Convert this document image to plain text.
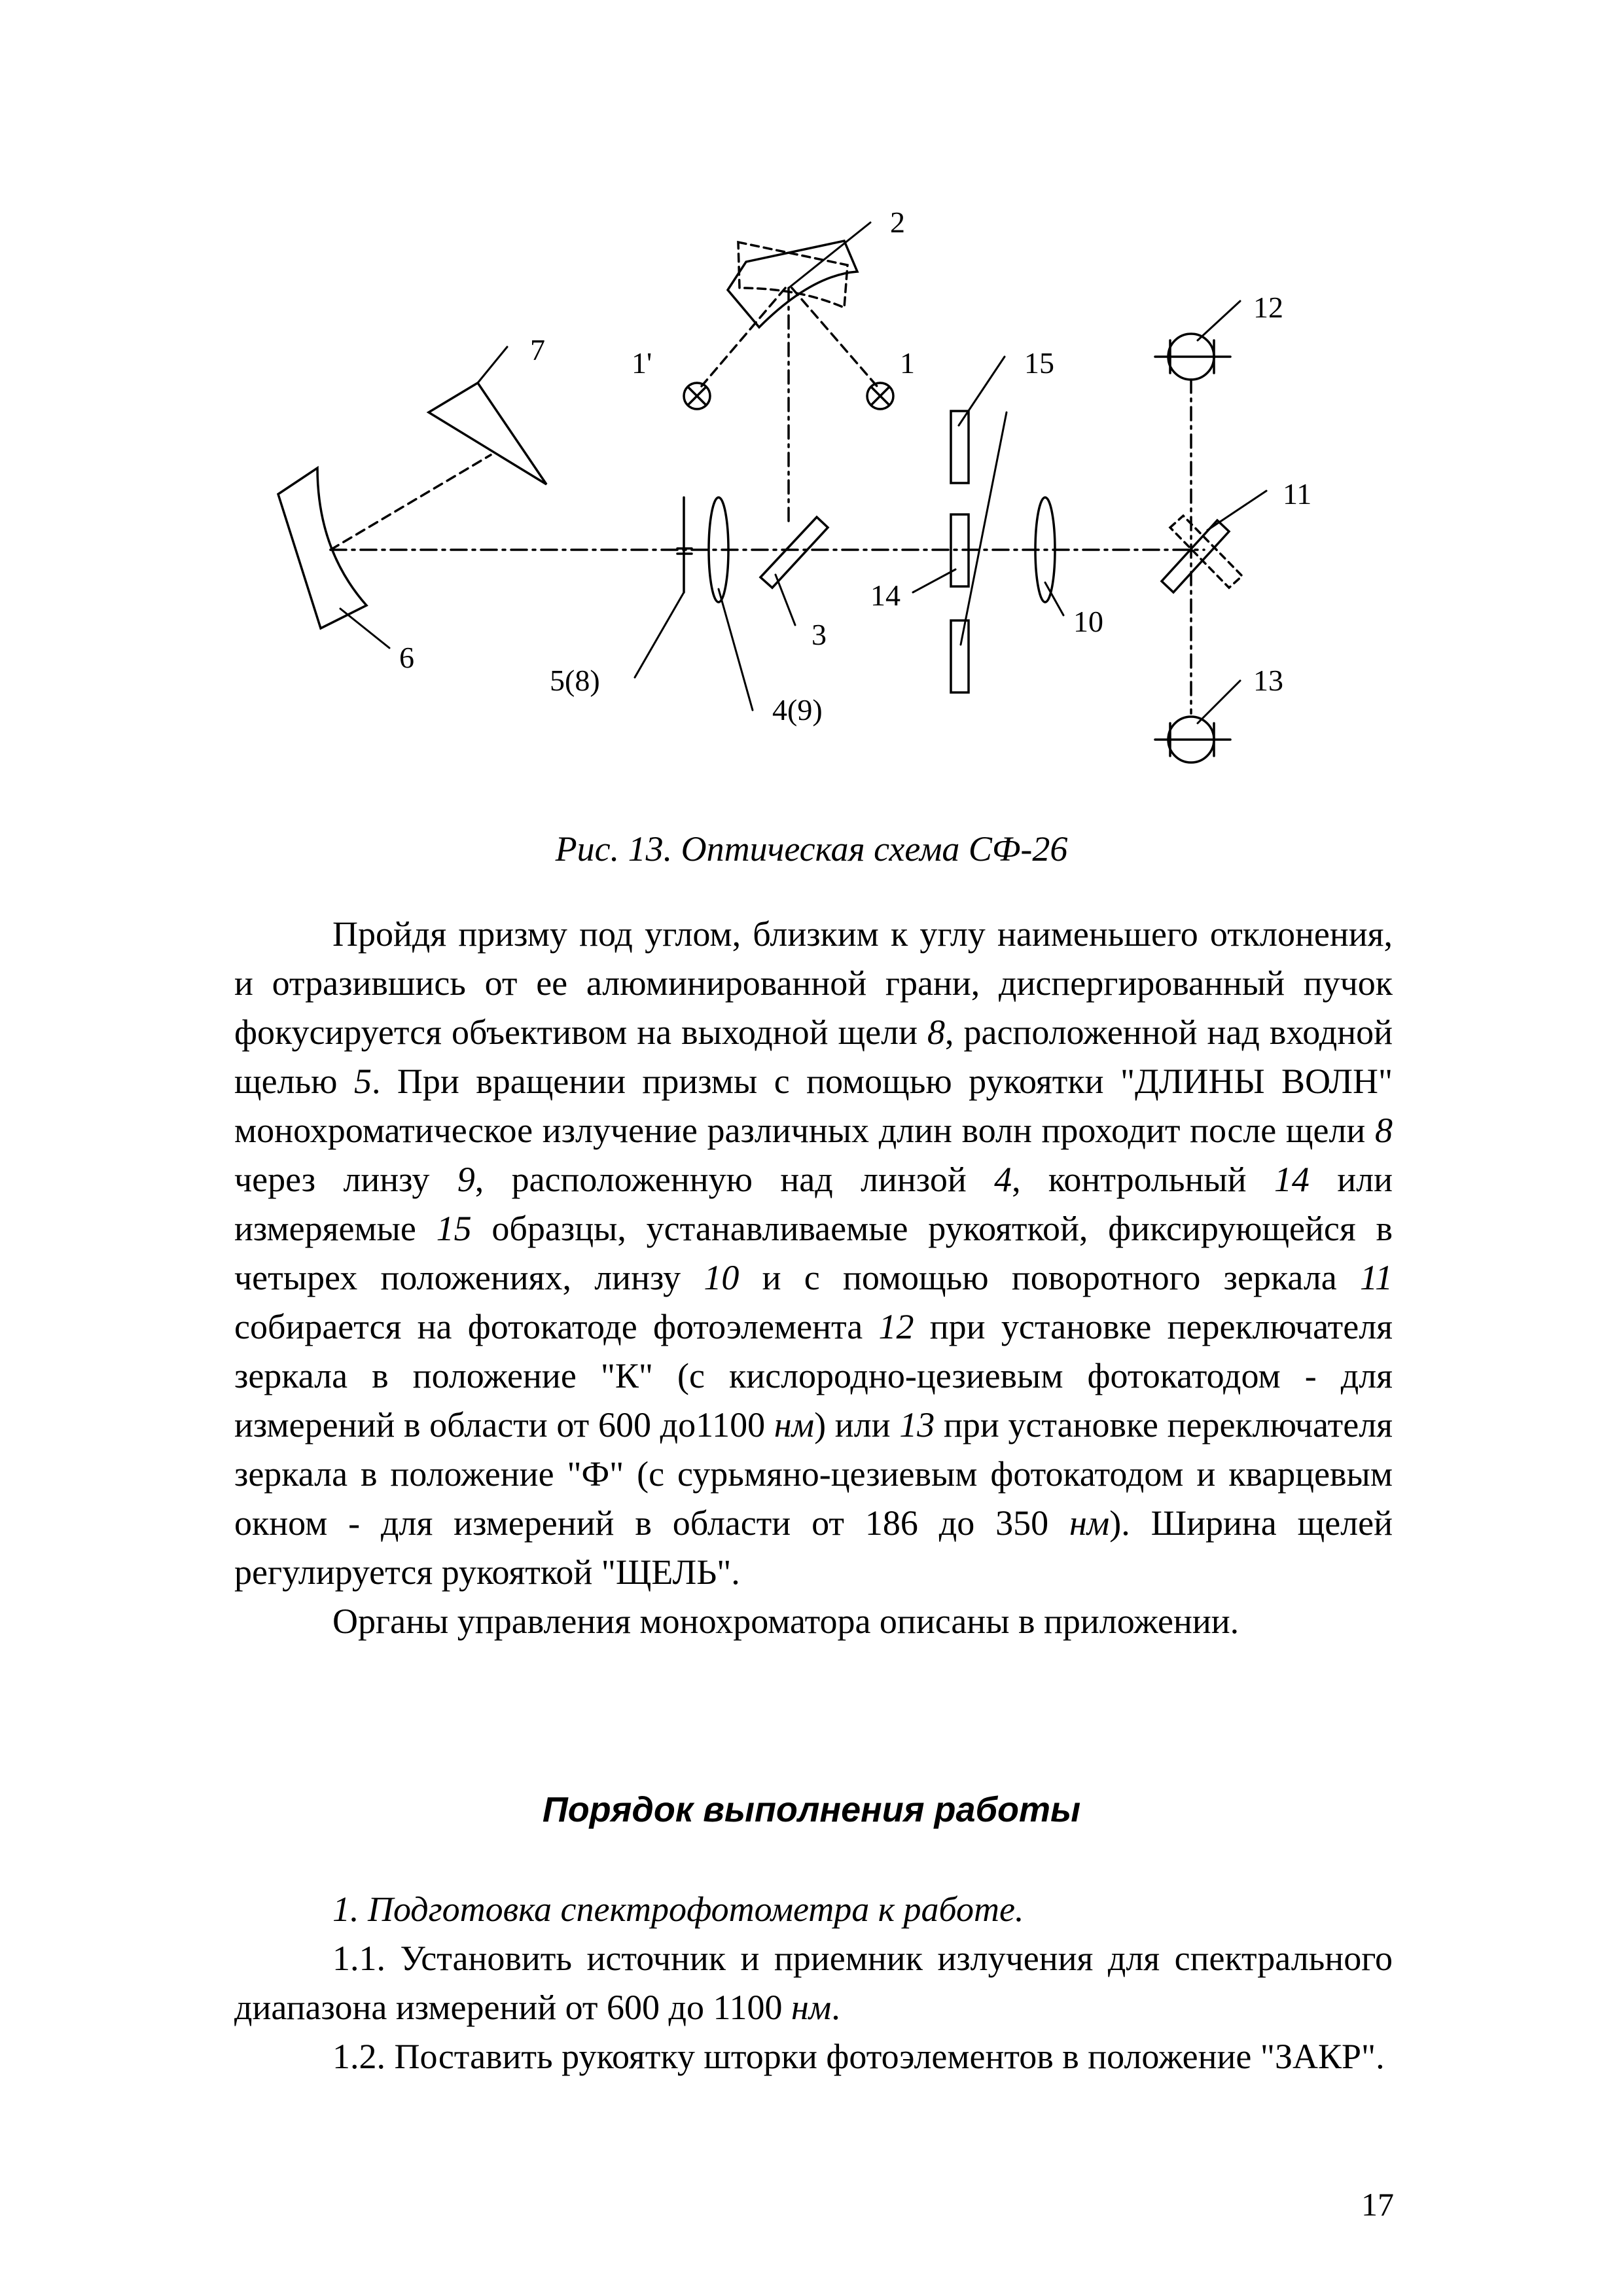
2
12
7	1'	1	15
11
14
3	10
6
5(8)	13
4(9)
Рис. 13. Оптическая схема СФ-26

Пройдя призму под углом, близким к углу наименьшего отклонения, и отразившись от ее алюминированной грани, диспергированный пучок фокусируется объективом на выходной щели 8, расположенной над входной щелью 5. При вращении призмы с помощью рукоятки "ДЛИНЫ ВОЛН" монохроматическое излучение различных длин волн проходит после щели 8 через линзу 9, расположенную над линзой 4, контрольный 14 или измеряемые 15 образцы, устанавливаемые рукояткой, фиксирующейся в четырех положениях, линзу 10 и с помощью поворотного зеркала 11 собирается на фотокатоде фотоэлемента 12 при установке переключателя зеркала в положение "К" (с кислородно-цезиевым фотокатодом - для измерений в области от 600 до1100 нм) или 13 при установке переключателя зеркала в положение "Ф" (с сурьмяно-цезиевым фотокатодом и кварцевым окном - для измерений в области от 186 до 350 нм). Ширина щелей регулируется рукояткой "ЩЕЛЬ".

Органы управления монохроматора описаны в приложении.

Порядок выполнения работы

1. Подготовка спектрофотометра к работе.

1.1. Установить источник и приемник излучения для спектрального диапазона измерений от 600 до 1100 нм.

1.2. Поставить рукоятку шторки фотоэлементов в положение "ЗАКР".

17
